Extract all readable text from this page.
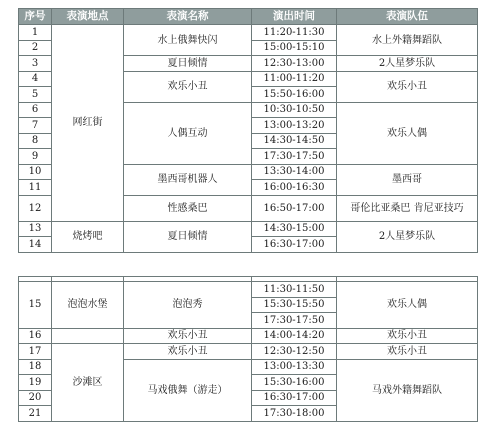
序号	表演地点	表演名称	演出时间	表演队伍
1	网红街	水上俄舞快闪	11:20-11:30	水上外籍舞蹈队
2			15:00-15:10	
3		夏日倾情	12:30-13:00	2人星梦乐队
4		欢乐小丑	11:00-11:20	欢乐小丑
5			15:50-16:00	
6		人偶互动	10:30-10:50	欢乐人偶
7			13:00-13:20	
8			14:30-14:50	
9			17:30-17:50	
10		墨西哥机器人	13:30-14:00	墨西哥
11			16:00-16:30	
12		性感桑巴	16:50-17:00	哥伦比亚桑巴 肯尼亚技巧
13	烧烤吧	夏日倾情	14:30-15:00	2人星梦乐队
14			16:30-17:00	

15	泡泡水堡	泡泡秀	11:30-11:50	欢乐人偶
			15:30-15:50	
			17:30-17:50	
16		欢乐小丑	14:00-14:20	欢乐小丑
17	沙滩区	欢乐小丑	12:30-12:50	欢乐小丑
18		马戏俄舞（游走）	13:00-13:30	马戏外籍舞蹈队
19			15:30-16:00	
20			16:30-17:00	
21			17:30-18:00	
